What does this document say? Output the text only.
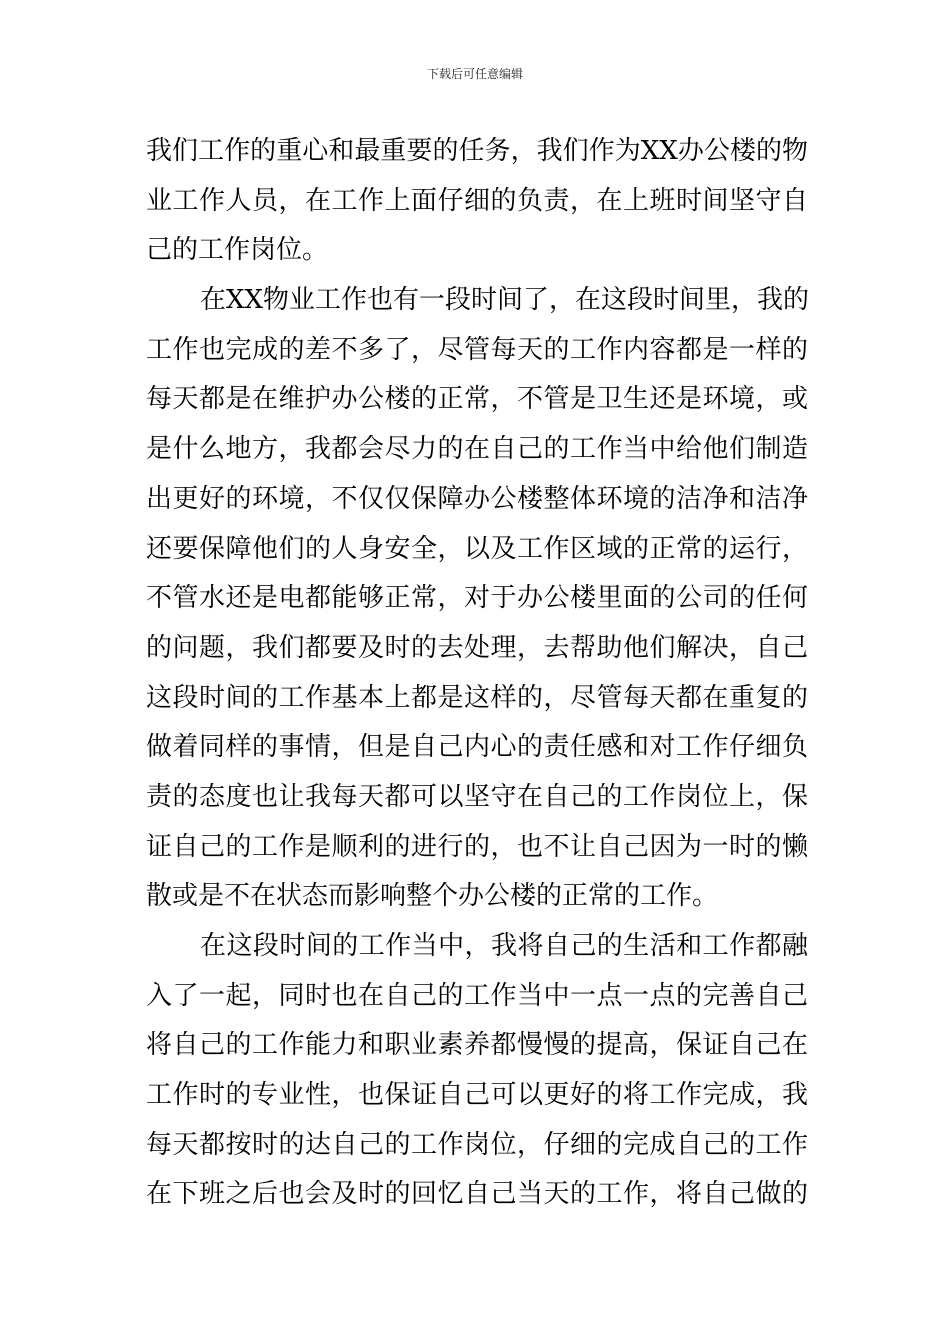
下载后可任意编辑
我们工作的重心和最重要的任务，我们作为XX办公楼的物
业工作人员，在工作上面仔细的负责，在上班时间坚守自
己的工作岗位。
在XX物业工作也有一段时间了，在这段时间里，我的
工作也完成的差不多了，尽管每天的工作内容都是一样的
每天都是在维护办公楼的正常，不管是卫生还是环境，或
是什么地方，我都会尽力的在自己的工作当中给他们制造
出更好的环境，不仅仅保障办公楼整体环境的洁净和洁净
还要保障他们的人身安全，以及工作区域的正常的运行，
不管水还是电都能够正常，对于办公楼里面的公司的任何
的问题，我们都要及时的去处理，去帮助他们解决，自己
这段时间的工作基本上都是这样的，尽管每天都在重复的
做着同样的事情，但是自己内心的责任感和对工作仔细负
责的态度也让我每天都可以坚守在自己的工作岗位上，保
证自己的工作是顺利的进行的，也不让自己因为一时的懒
散或是不在状态而影响整个办公楼的正常的工作。
在这段时间的工作当中，我将自己的生活和工作都融
入了一起，同时也在自己的工作当中一点一点的完善自己
将自己的工作能力和职业素养都慢慢的提高，保证自己在
工作时的专业性，也保证自己可以更好的将工作完成，我
每天都按时的达自己的工作岗位，仔细的完成自己的工作
在下班之后也会及时的回忆自己当天的工作，将自己做的
